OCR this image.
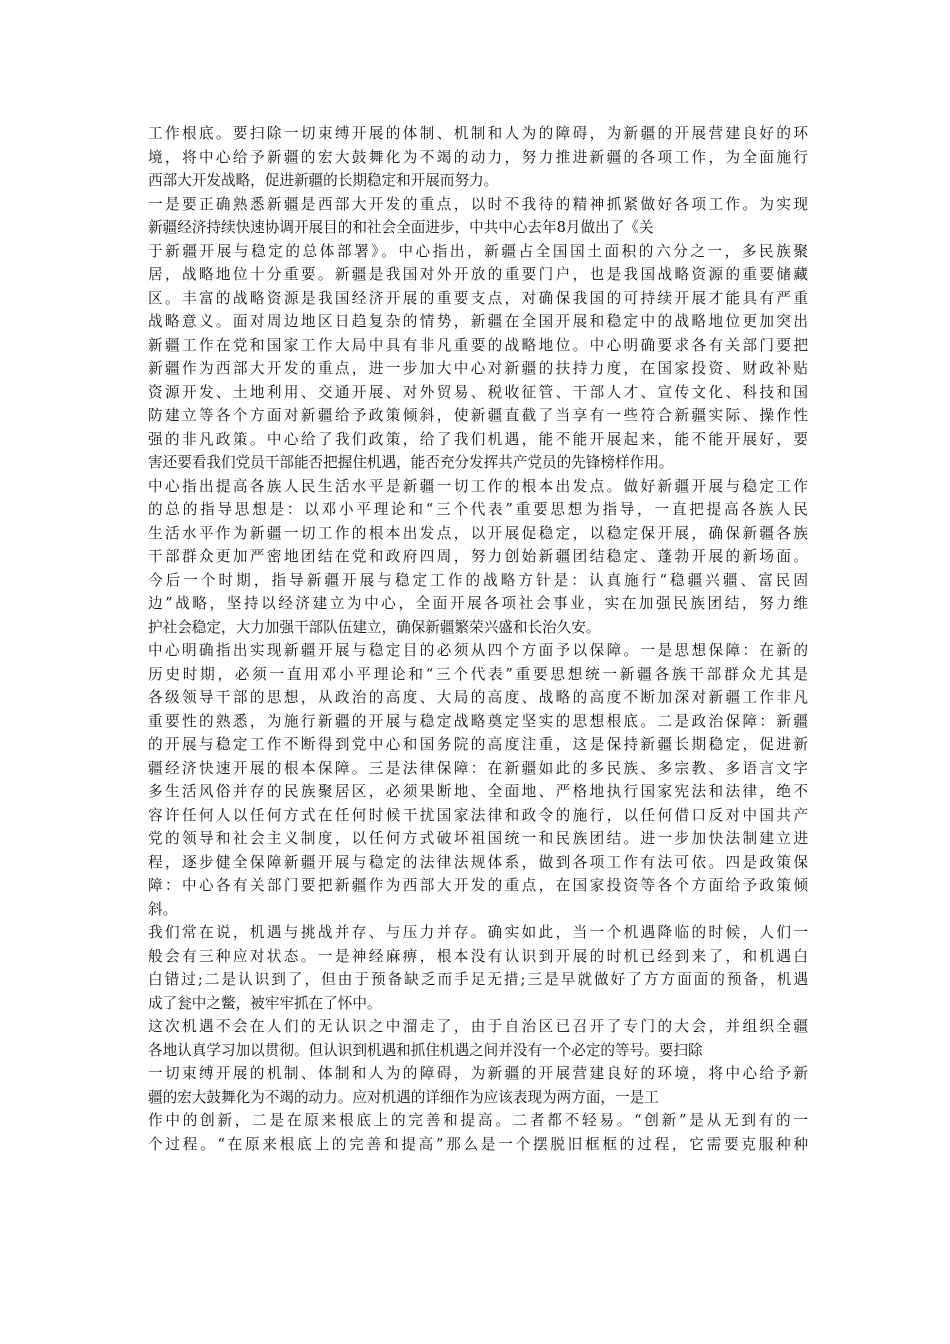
工作根底。要扫除一切束缚开展的体制、机制和人为的障碍，为新疆的开展营建良好的环
境，将中心给予新疆的宏大鼓舞化为不竭的动力，努力推进新疆的各项工作，为全面施行
西部大开发战略，促进新疆的长期稳定和开展而努力。
一是要正确熟悉新疆是西部大开发的重点，以时不我待的精神抓紧做好各项工作。为实现
新疆经济持续快速协调开展目的和社会全面进步，中共中心去年8月做出了《关
于新疆开展与稳定的总体部署》。中心指出，新疆占全国国土面积的六分之一，多民族聚
居，战略地位十分重要。新疆是我国对外开放的重要门户，也是我国战略资源的重要储藏
区。丰富的战略资源是我国经济开展的重要支点，对确保我国的可持续开展才能具有严重
战略意义。面对周边地区日趋复杂的情势，新疆在全国开展和稳定中的战略地位更加突出
新疆工作在党和国家工作大局中具有非凡重要的战略地位。中心明确要求各有关部门要把
新疆作为西部大开发的重点，进一步加大中心对新疆的扶持力度，在国家投资、财政补贴
资源开发、土地利用、交通开展、对外贸易、税收征管、干部人才、宣传文化、科技和国
防建立等各个方面对新疆给予政策倾斜，使新疆直截了当享有一些符合新疆实际、操作性
强的非凡政策。中心给了我们政策，给了我们机遇，能不能开展起来，能不能开展好，要
害还要看我们党员干部能否把握住机遇，能否充分发挥共产党员的先锋榜样作用。
中心指出提高各族人民生活水平是新疆一切工作的根本出发点。做好新疆开展与稳定工作
的总的指导思想是：以邓小平理论和“三个代表”重要思想为指导，一直把提高各族人民
生活水平作为新疆一切工作的根本出发点，以开展促稳定，以稳定保开展，确保新疆各族
干部群众更加严密地团结在党和政府四周，努力创始新疆团结稳定、蓬勃开展的新场面。
今后一个时期，指导新疆开展与稳定工作的战略方针是：认真施行“稳疆兴疆、富民固
边”战略，坚持以经济建立为中心，全面开展各项社会事业，实在加强民族团结，努力维
护社会稳定，大力加强干部队伍建立，确保新疆繁荣兴盛和长治久安。
中心明确指出实现新疆开展与稳定目的必须从四个方面予以保障。一是思想保障：在新的
历史时期，必须一直用邓小平理论和“三个代表”重要思想统一新疆各族干部群众尤其是
各级领导干部的思想，从政治的高度、大局的高度、战略的高度不断加深对新疆工作非凡
重要性的熟悉，为施行新疆的开展与稳定战略奠定坚实的思想根底。二是政治保障：新疆
的开展与稳定工作不断得到党中心和国务院的高度注重，这是保持新疆长期稳定，促进新
疆经济快速开展的根本保障。三是法律保障：在新疆如此的多民族、多宗教、多语言文字
多生活风俗并存的民族聚居区，必须果断地、全面地、严格地执行国家宪法和法律，绝不
容许任何人以任何方式在任何时候干扰国家法律和政令的施行，以任何借口反对中国共产
党的领导和社会主义制度，以任何方式破坏祖国统一和民族团结。进一步加快法制建立进
程，逐步健全保障新疆开展与稳定的法律法规体系，做到各项工作有法可依。四是政策保
障：中心各有关部门要把新疆作为西部大开发的重点，在国家投资等各个方面给予政策倾
斜。
我们常在说，机遇与挑战并存、与压力并存。确实如此，当一个机遇降临的时候，人们一
般会有三种应对状态。一是神经麻痹，根本没有认识到开展的时机已经到来了，和机遇白
白错过;二是认识到了，但由于预备缺乏而手足无措;三是早就做好了方方面面的预备，机遇
成了瓮中之鳖，被牢牢抓在了怀中。
这次机遇不会在人们的无认识之中溜走了，由于自治区已召开了专门的大会，并组织全疆
各地认真学习加以贯彻。但认识到机遇和抓住机遇之间并没有一个必定的等号。要扫除
一切束缚开展的机制、体制和人为的障碍，为新疆的开展营建良好的环境，将中心给予新
疆的宏大鼓舞化为不竭的动力。应对机遇的详细作为应该表现为两方面，一是工
作中的创新，二是在原来根底上的完善和提高。二者都不轻易。“创新”是从无到有的一
个过程。“在原来根底上的完善和提高”那么是一个摆脱旧框框的过程，它需要克服种种
